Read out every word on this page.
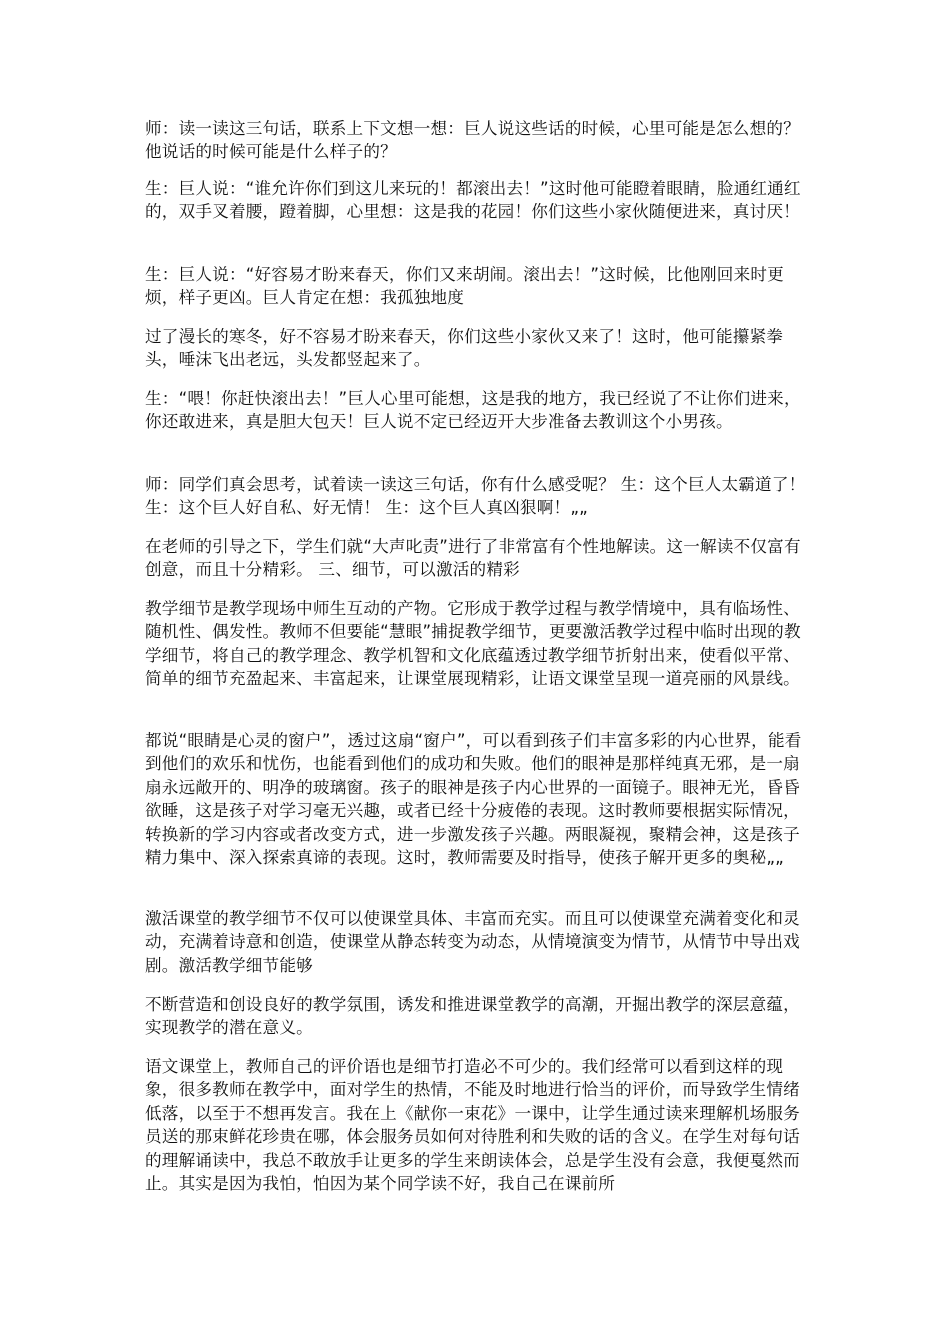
师：读一读这三句话，联系上下文想一想：巨人说这些话的时候，心里可能是怎么想的？他说话的时候可能是什么样子的？

生：巨人说：“谁允许你们到这儿来玩的！都滚出去！”这时他可能瞪着眼睛，脸通红通红的，双手叉着腰，蹬着脚，心里想：这是我的花园！你们这些小家伙随便进来，真讨厌！

生：巨人说：“好容易才盼来春天，你们又来胡闹。滚出去！”这时候，比他刚回来时更烦，样子更凶。巨人肯定在想：我孤独地度

过了漫长的寒冬，好不容易才盼来春天，你们这些小家伙又来了！这时，他可能攥紧拳头，唾沫飞出老远，头发都竖起来了。

生：“喂！你赶快滚出去！”巨人心里可能想，这是我的地方，我已经说了不让你们进来，你还敢进来，真是胆大包天！巨人说不定已经迈开大步准备去教训这个小男孩。

师：同学们真会思考，试着读一读这三句话，你有什么感受呢？ 生：这个巨人太霸道了！ 生：这个巨人好自私、好无情！ 生：这个巨人真凶狠啊！„„

在老师的引导之下，学生们就“大声叱责”进行了非常富有个性地解读。这一解读不仅富有创意，而且十分精彩。 三、细节，可以激活的精彩

教学细节是教学现场中师生互动的产物。它形成于教学过程与教学情境中，具有临场性、随机性、偶发性。教师不但要能“慧眼”捕捉教学细节，更要激活教学过程中临时出现的教学细节，将自己的教学理念、教学机智和文化底蕴透过教学细节折射出来，使看似平常、简单的细节充盈起来、丰富起来，让课堂展现精彩，让语文课堂呈现一道亮丽的风景线。

都说“眼睛是心灵的窗户”，透过这扇“窗户”，可以看到孩子们丰富多彩的内心世界，能看到他们的欢乐和忧伤，也能看到他们的成功和失败。他们的眼神是那样纯真无邪，是一扇扇永远敞开的、明净的玻璃窗。孩子的眼神是孩子内心世界的一面镜子。眼神无光，昏昏欲睡，这是孩子对学习毫无兴趣，或者已经十分疲倦的表现。这时教师要根据实际情况，转换新的学习内容或者改变方式，进一步激发孩子兴趣。两眼凝视，聚精会神，这是孩子精力集中、深入探索真谛的表现。这时，教师需要及时指导，使孩子解开更多的奥秘„„

激活课堂的教学细节不仅可以使课堂具体、丰富而充实。而且可以使课堂充满着变化和灵动，充满着诗意和创造，使课堂从静态转变为动态，从情境演变为情节，从情节中导出戏剧。激活教学细节能够

不断营造和创设良好的教学氛围，诱发和推进课堂教学的高潮，开掘出教学的深层意蕴，实现教学的潜在意义。

语文课堂上，教师自己的评价语也是细节打造必不可少的。我们经常可以看到这样的现象，很多教师在教学中，面对学生的热情，不能及时地进行恰当的评价，而导致学生情绪低落，以至于不想再发言。我在上《献你一束花》一课中，让学生通过读来理解机场服务员送的那束鲜花珍贵在哪，体会服务员如何对待胜利和失败的话的含义。在学生对每句话的理解诵读中，我总不敢放手让更多的学生来朗读体会，总是学生没有会意，我便戛然而止。其实是因为我怕，怕因为某个同学读不好，我自己在课前所
